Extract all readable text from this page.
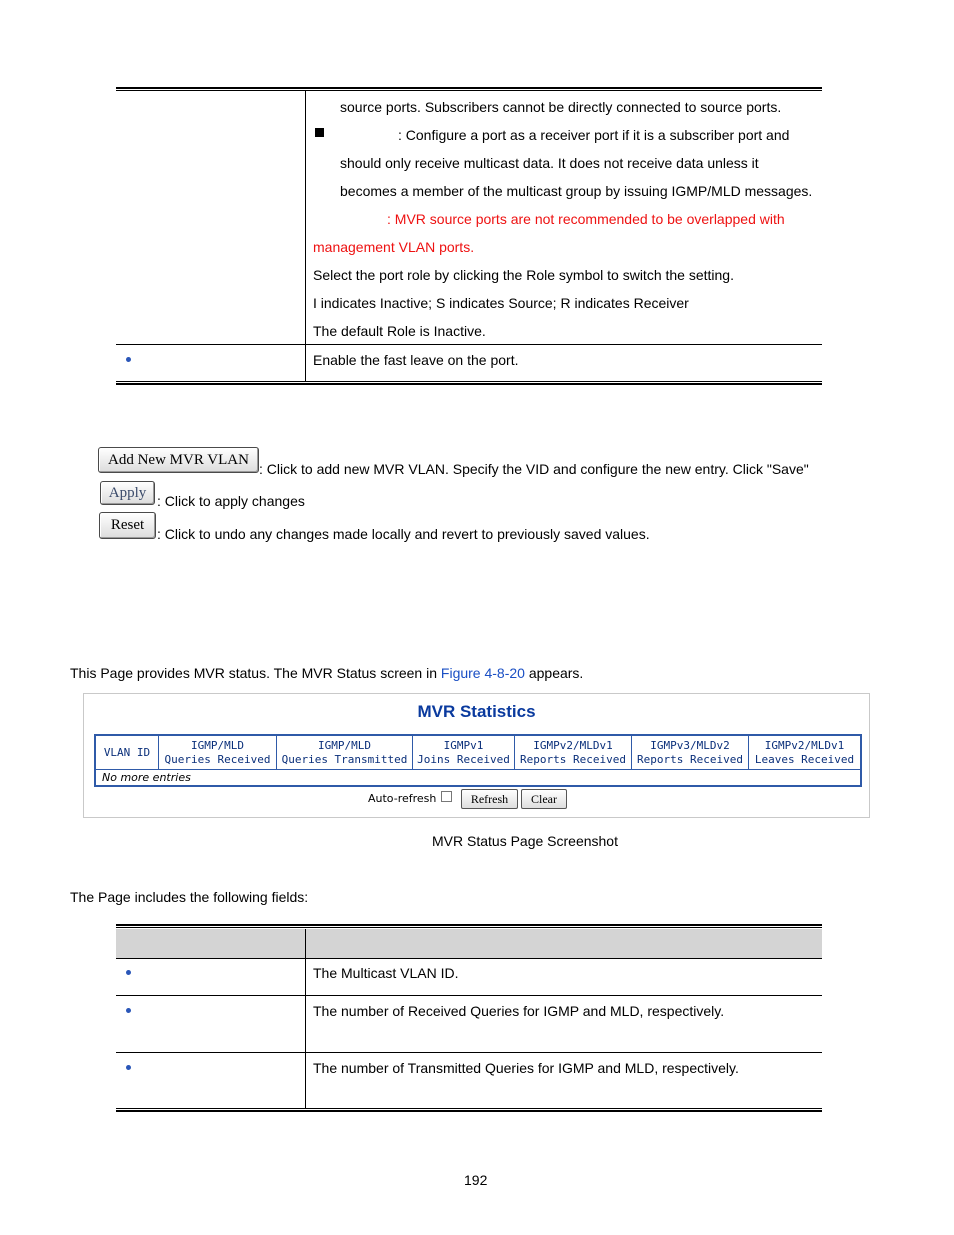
source ports. Subscribers cannot be directly connected to source ports.
: Configure a port as a receiver port if it is a subscriber port and
should only receive multicast data. It does not receive data unless it
becomes a member of the multicast group by issuing IGMP/MLD messages.
: MVR source ports are not recommended to be overlapped with
management VLAN ports.
Select the port role by clicking the Role symbol to switch the setting.
I indicates Inactive; S indicates Source; R indicates Receiver
The default Role is Inactive.
Enable the fast leave on the port.
Add New MVR VLAN
: Click to add new MVR VLAN. Specify the VID and configure the new entry. Click "Save"
Apply
: Click to apply changes
Reset
: Click to undo any changes made locally and revert to previously saved values.
This Page provides MVR status. The MVR Status screen in Figure 4-8-20 appears.
MVR Statistics
VLAN ID
IGMP/MLD
Queries Received
IGMP/MLD
Queries Transmitted
IGMPv1
Joins Received
IGMPv2/MLDv1
Reports Received
IGMPv3/MLDv2
Reports Received
IGMPv2/MLDv1
Leaves Received
No more entries
Auto-refresh	Refresh	Clear
MVR Status Page Screenshot
The Page includes the following fields:
The Multicast VLAN ID.
The number of Received Queries for IGMP and MLD, respectively.
The number of Transmitted Queries for IGMP and MLD, respectively.
192
